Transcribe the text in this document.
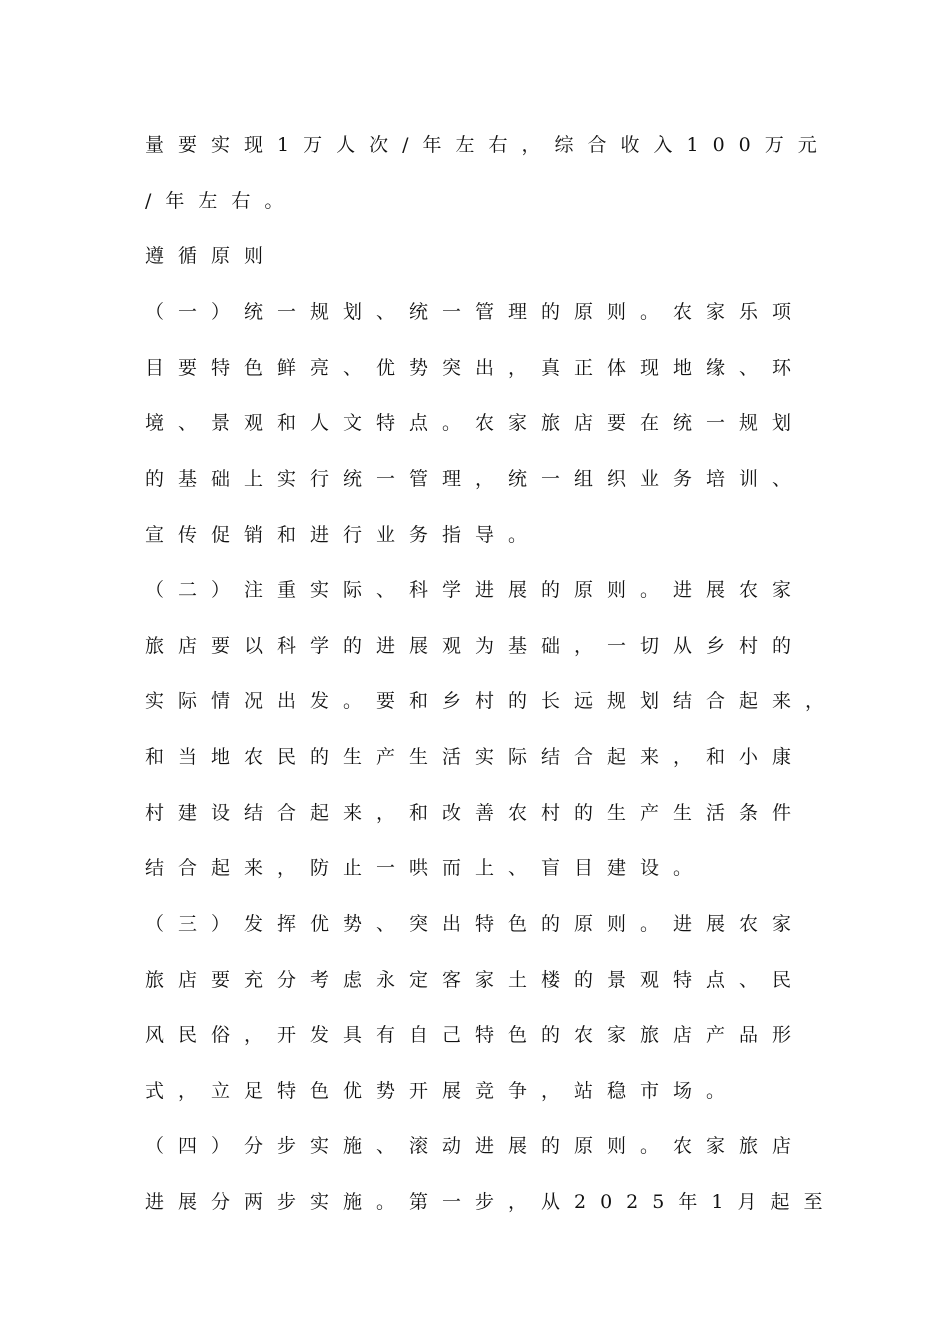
量要实现1万人次/年左右，综合收入100万元
/年左右。
遵循原则
（一）统一规划、统一管理的原则。农家乐项
目要特色鲜亮、优势突出，真正体现地缘、环
境、景观和人文特点。农家旅店要在统一规划
的基础上实行统一管理，统一组织业务培训、
宣传促销和进行业务指导。
（二）注重实际、科学进展的原则。进展农家
旅店要以科学的进展观为基础，一切从乡村的
实际情况出发。要和乡村的长远规划结合起来，
和当地农民的生产生活实际结合起来，和小康
村建设结合起来，和改善农村的生产生活条件
结合起来，防止一哄而上、盲目建设。
（三）发挥优势、突出特色的原则。进展农家
旅店要充分考虑永定客家土楼的景观特点、民
风民俗，开发具有自己特色的农家旅店产品形
式，立足特色优势开展竞争，站稳市场。
（四）分步实施、滚动进展的原则。农家旅店
进展分两步实施。第一步，从2025年1月起至
